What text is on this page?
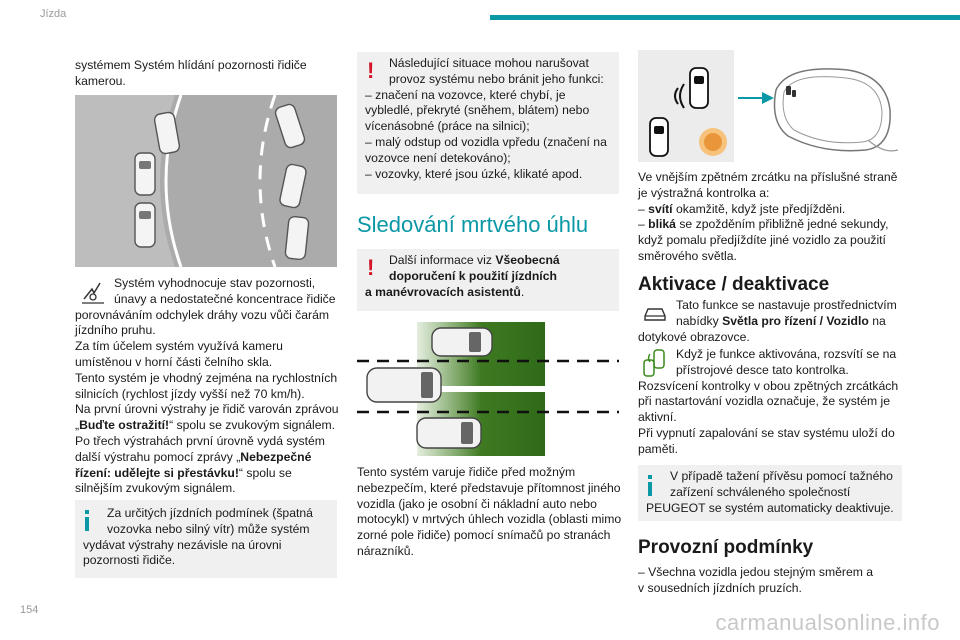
Jízda

systémem Systém hlídání pozornosti řidiče

kamerou.

Systém vyhodnocuje stav pozornosti,

únavy a nedostatečné koncentrace řidiče

porovnáváním odchylek dráhy vozu vůči čarám

jízdního pruhu.

Za tím účelem systém využívá kameru

umístěnou v horní části čelního skla.

Tento systém je vhodný zejména na rychlostních

silnicích (rychlost jízdy vyšší než 70 km/h).

Na první úrovni výstrahy je řidič varován zprávou

„Buďte ostražití!“ spolu se zvukovým signálem.

Po třech výstrahách první úrovně vydá systém

další výstrahu pomocí zprávy „Nebezpečné

řízení: udělejte si přestávku!“ spolu se

silnějším zvukovým signálem.

Za určitých jízdních podmínek (špatná

vozovka nebo silný vítr) může systém

vydávat výstrahy nezávisle na úrovni

pozornosti řidiče.

! Následující situace mohou narušovat

provoz systému nebo bránit jeho funkci:

– značení na vozovce, které chybí, je

vybledlé, překryté (sněhem, blátem) nebo

vícenásobné (práce na silnici);

– malý odstup od vozidla vpředu (značení na

vozovce není detekováno);

– vozovky, které jsou úzké, klikaté apod.

Sledování mrtvého úhlu
! Další informace viz Všeobecná

doporučení k použití jízdních

a manévrovacích asistentů.

Tento systém varuje řidiče před možným

nebezpečím, které představuje přítomnost jiného

vozidla (jako je osobní či nákladní auto nebo

motocykl) v mrtvých úhlech vozidla (oblasti mimo

zorné pole řidiče) pomocí snímačů po stranách

nárazníků.

Ve vnějším zpětném zrcátku na příslušné straně

je výstražná kontrolka a:

– svítí okamžitě, když jste předjížděni.

– bliká se zpožděním přibližně jedné sekundy,

když pomalu předjíždíte jiné vozidlo za použití

směrového světla.

Aktivace / deaktivace

Tato funkce se nastavuje prostřednictvím

nabídky Světla pro řízení / Vozidlo na

dotykové obrazovce.

Když je funkce aktivována, rozsvítí se na

přístrojové desce tato kontrolka.

Rozsvícení kontrolky v obou zpětných zrcátkách

při nastartování vozidla označuje, že systém je

aktivní.

Při vypnutí zapalování se stav systému uloží do

paměti.

V případě tažení přívěsu pomocí tažného

zařízení schváleného společností

PEUGEOT se systém automaticky deaktivuje.

Provozní podmínky

– Všechna vozidla jedou stejným směrem a

v sousedních jízdních pruzích.

154	carmanualsonline.info
